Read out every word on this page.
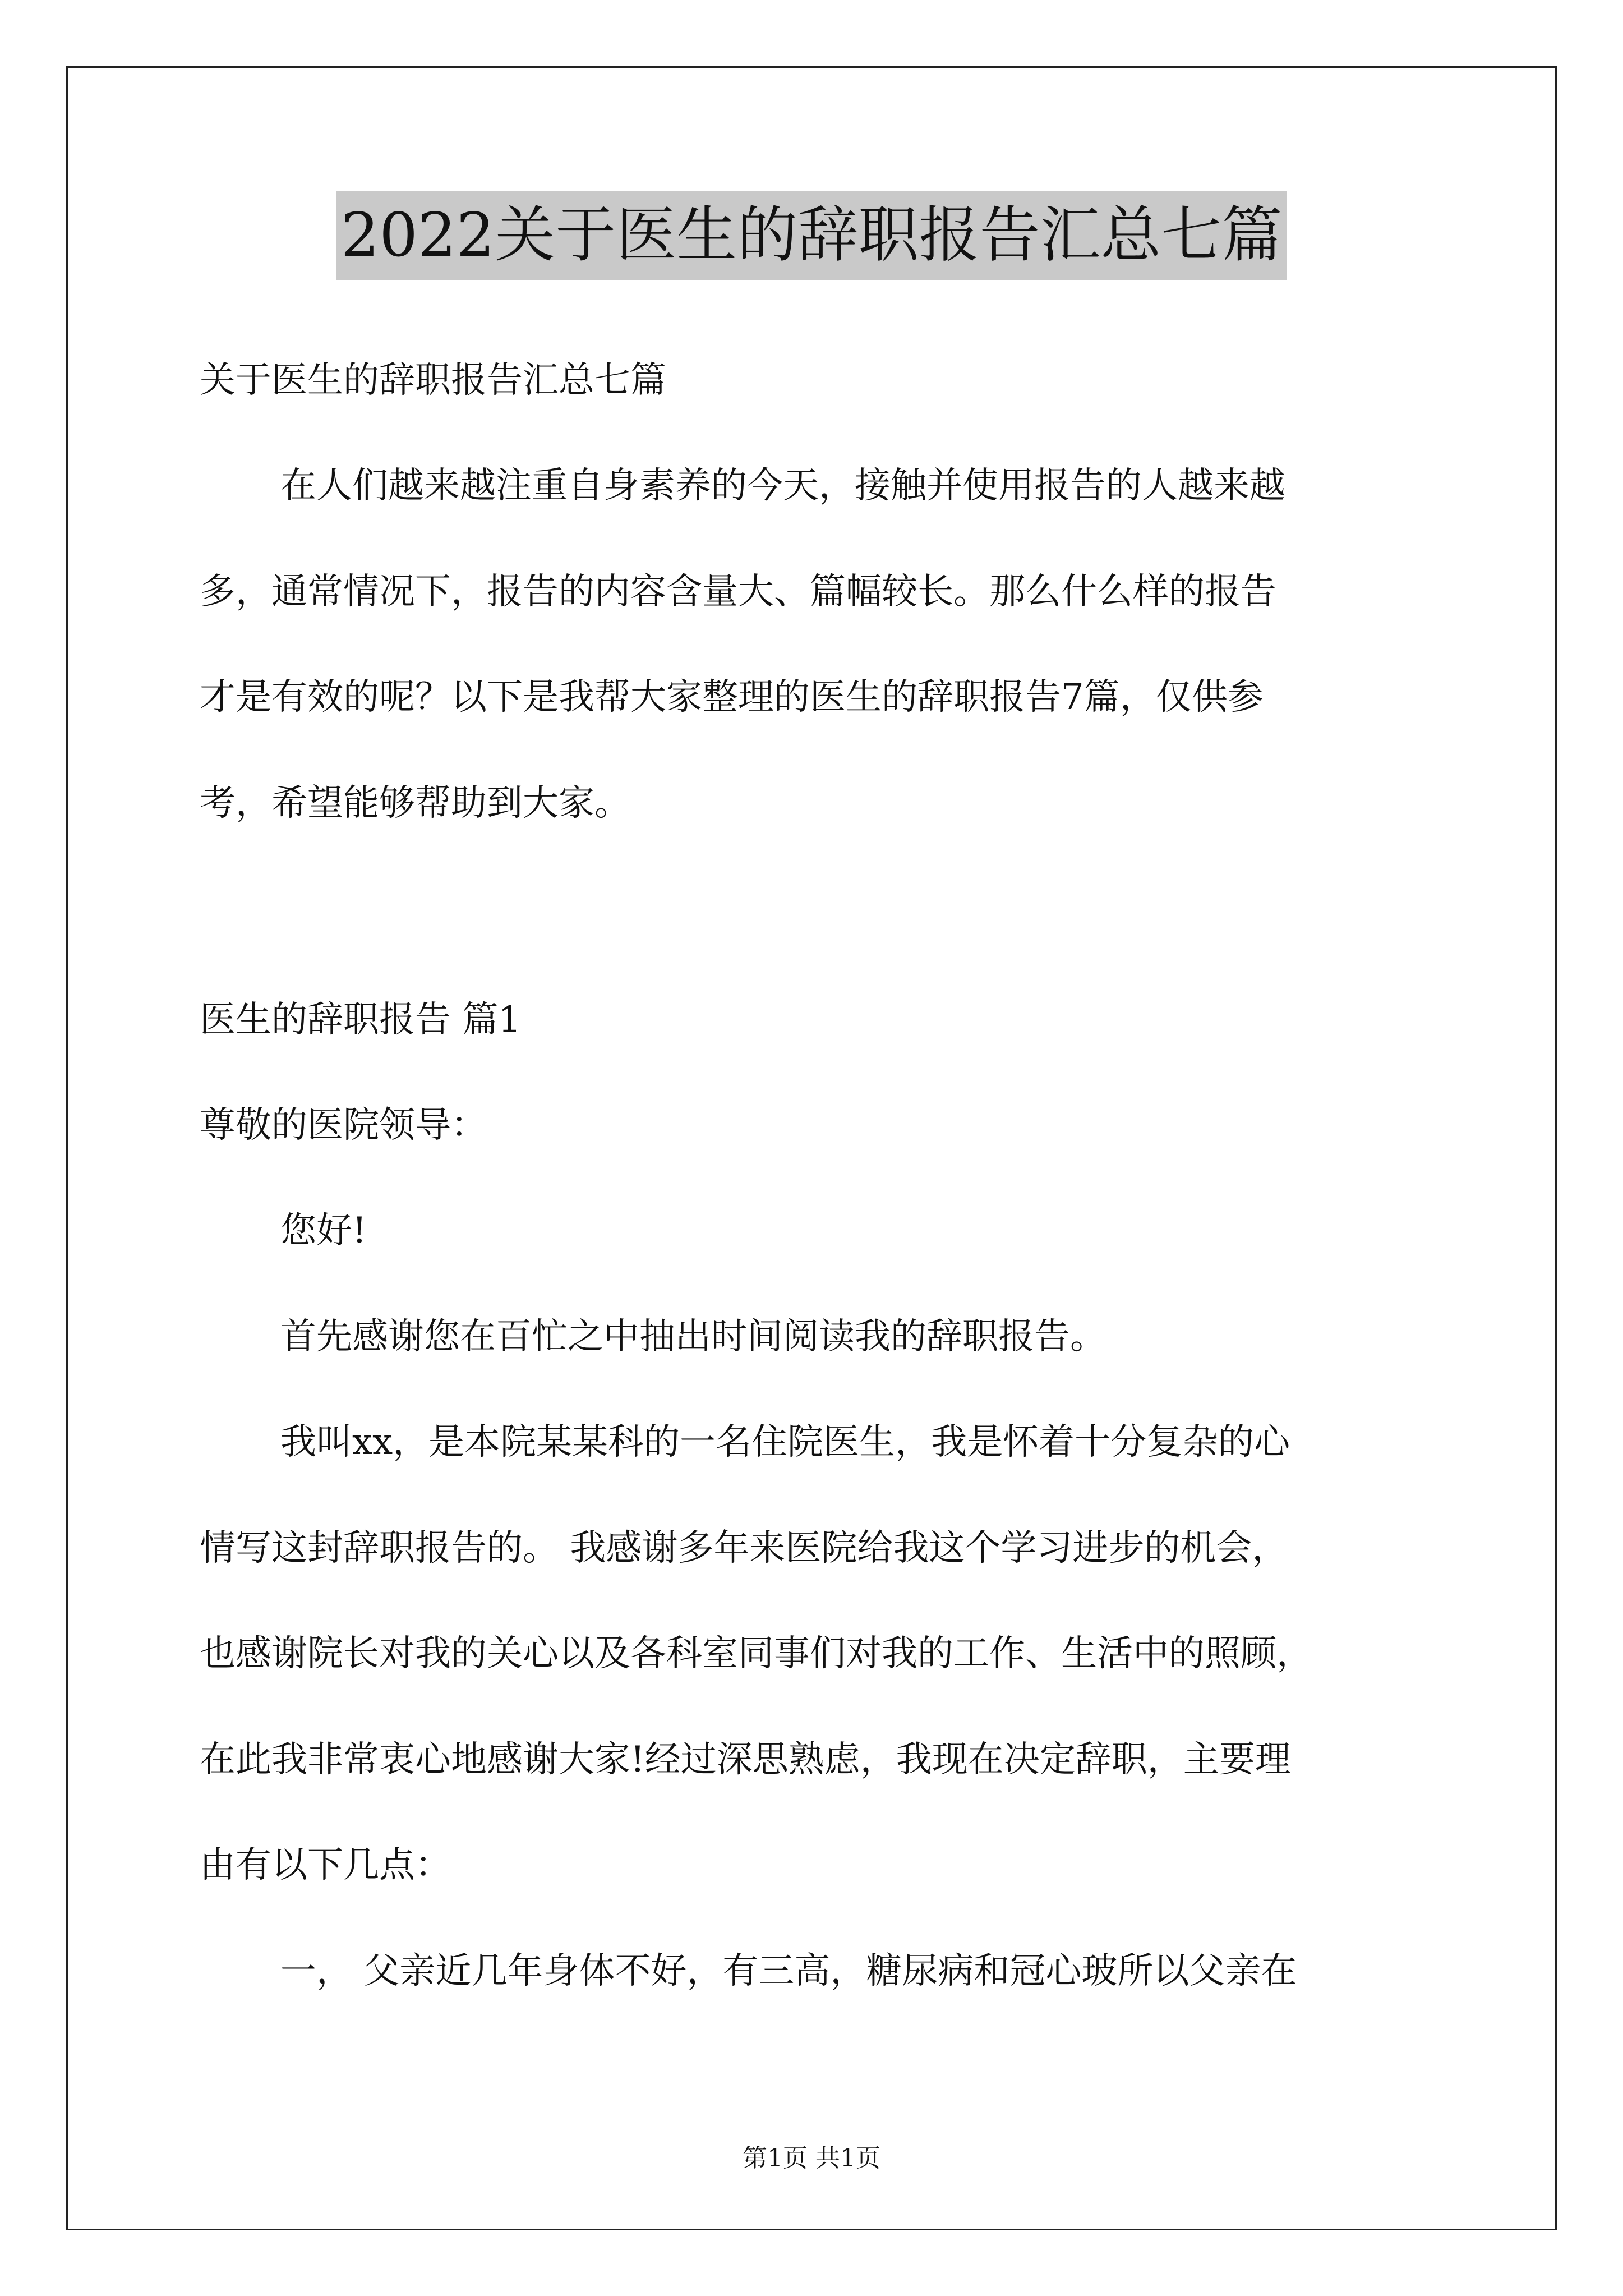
2022关于医生的辞职报告汇总七篇
关于医生的辞职报告汇总七篇
在人们越来越注重自身素养的今天，接触并使用报告的人越来越
多，通常情况下，报告的内容含量大、篇幅较长。那么什么样的报告
才是有效的呢？以下是我帮大家整理的医生的辞职报告7篇，仅供参
考，希望能够帮助到大家。
医生的辞职报告 篇1
尊敬的医院领导：
您好!
首先感谢您在百忙之中抽出时间阅读我的辞职报告。
我叫xx，是本院某某科的一名住院医生，我是怀着十分复杂的心
情写这封辞职报告的。 我感谢多年来医院给我这个学习进步的机会，
也感谢院长对我的关心以及各科室同事们对我的工作、生活中的照顾，
在此我非常衷心地感谢大家!经过深思熟虑，我现在决定辞职，主要理
由有以下几点：
一， 父亲近几年身体不好，有三高，糖尿病和冠心玻所以父亲在
第1页 共1页
